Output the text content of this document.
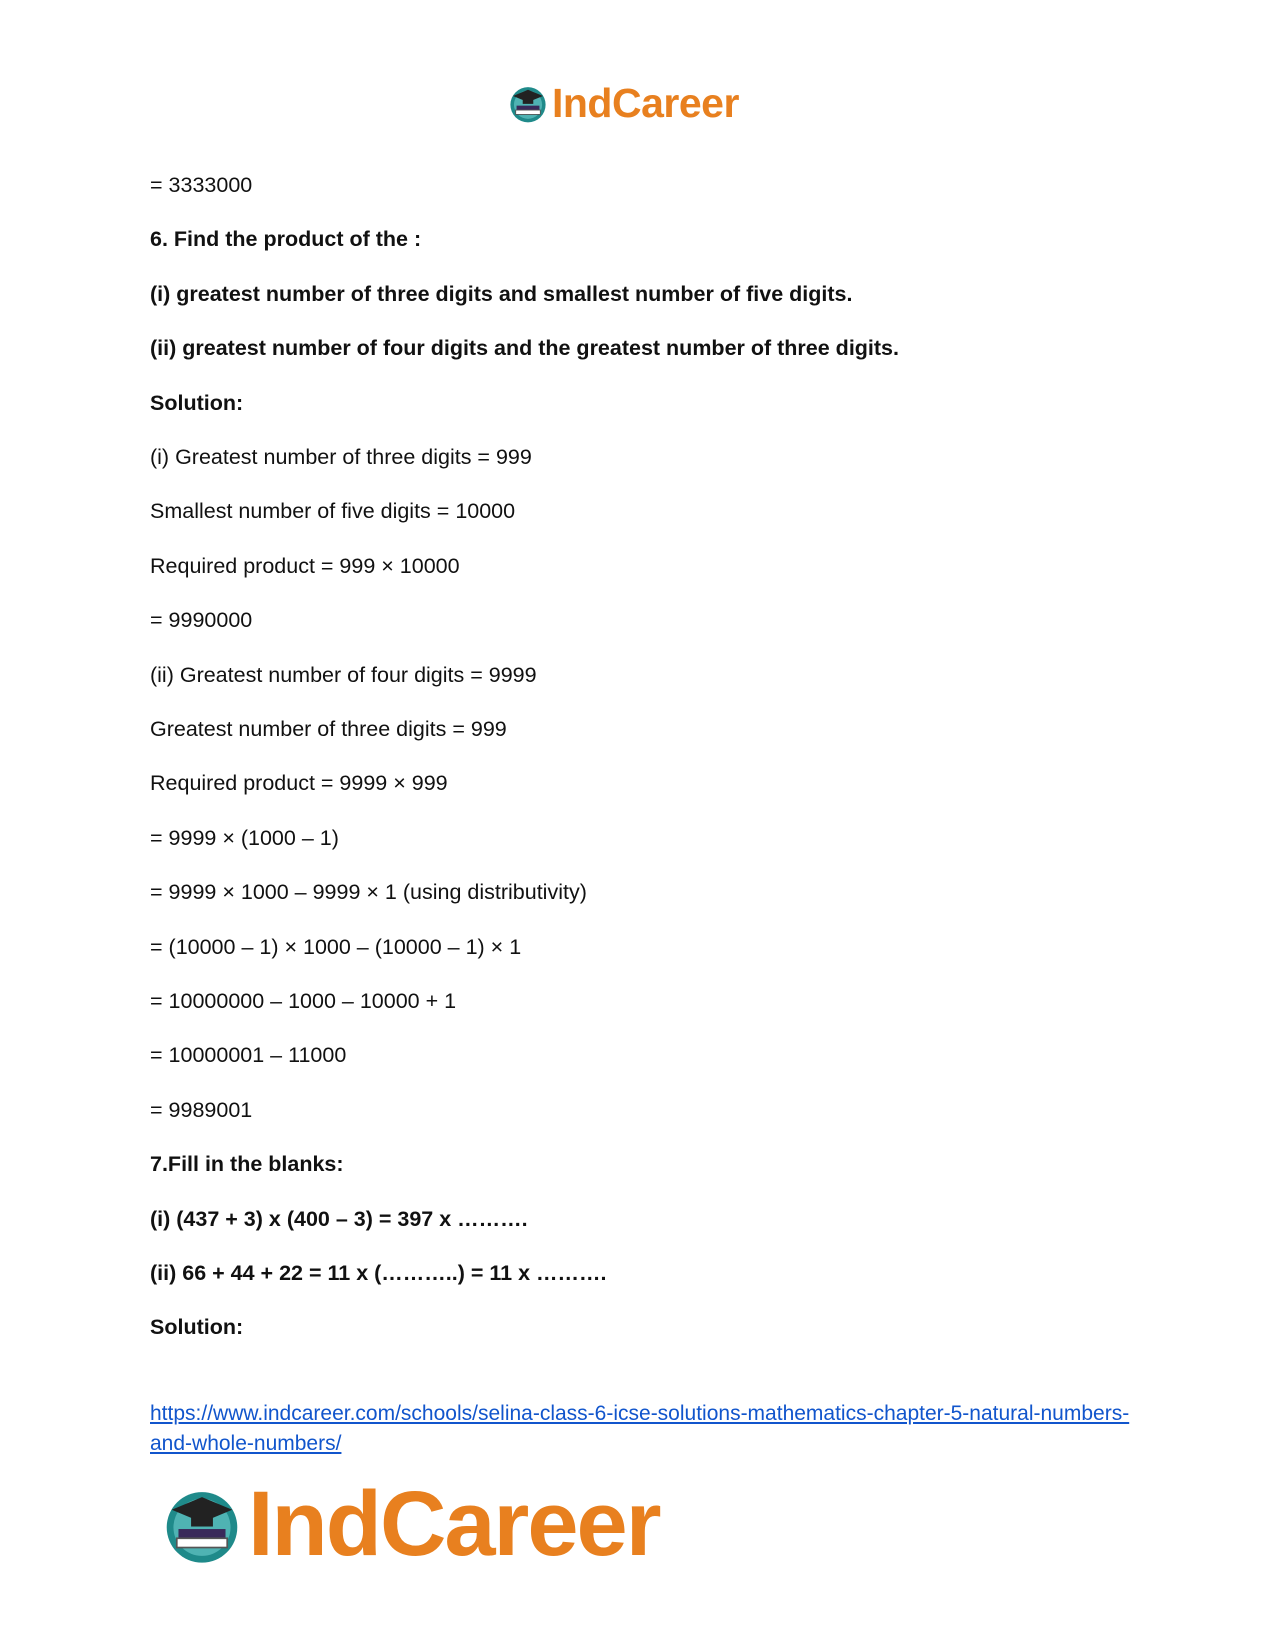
IndCareer
= 3333000
6. Find the product of the :
(i) greatest number of three digits and smallest number of five digits.
(ii) greatest number of four digits and the greatest number of three digits.
Solution:
(i) Greatest number of three digits = 999
Smallest number of five digits = 10000
Required product = 999 × 10000
= 9990000
(ii) Greatest number of four digits = 9999
Greatest number of three digits = 999
Required product = 9999 × 999
= 9999 × (1000 – 1)
= 9999 × 1000 – 9999 × 1 (using distributivity)
= (10000 – 1) × 1000 – (10000 – 1) × 1
= 10000000 – 1000 – 10000 + 1
= 10000001 – 11000
= 9989001
7.Fill in the blanks:
(i) (437 + 3) x (400 – 3) = 397 x ……….
(ii) 66 + 44 + 22 = 11 x (………..) = 11 x ……….
Solution:
https://www.indcareer.com/schools/selina-class-6-icse-solutions-mathematics-chapter-5-natural-numbers-and-whole-numbers/
IndCareer
